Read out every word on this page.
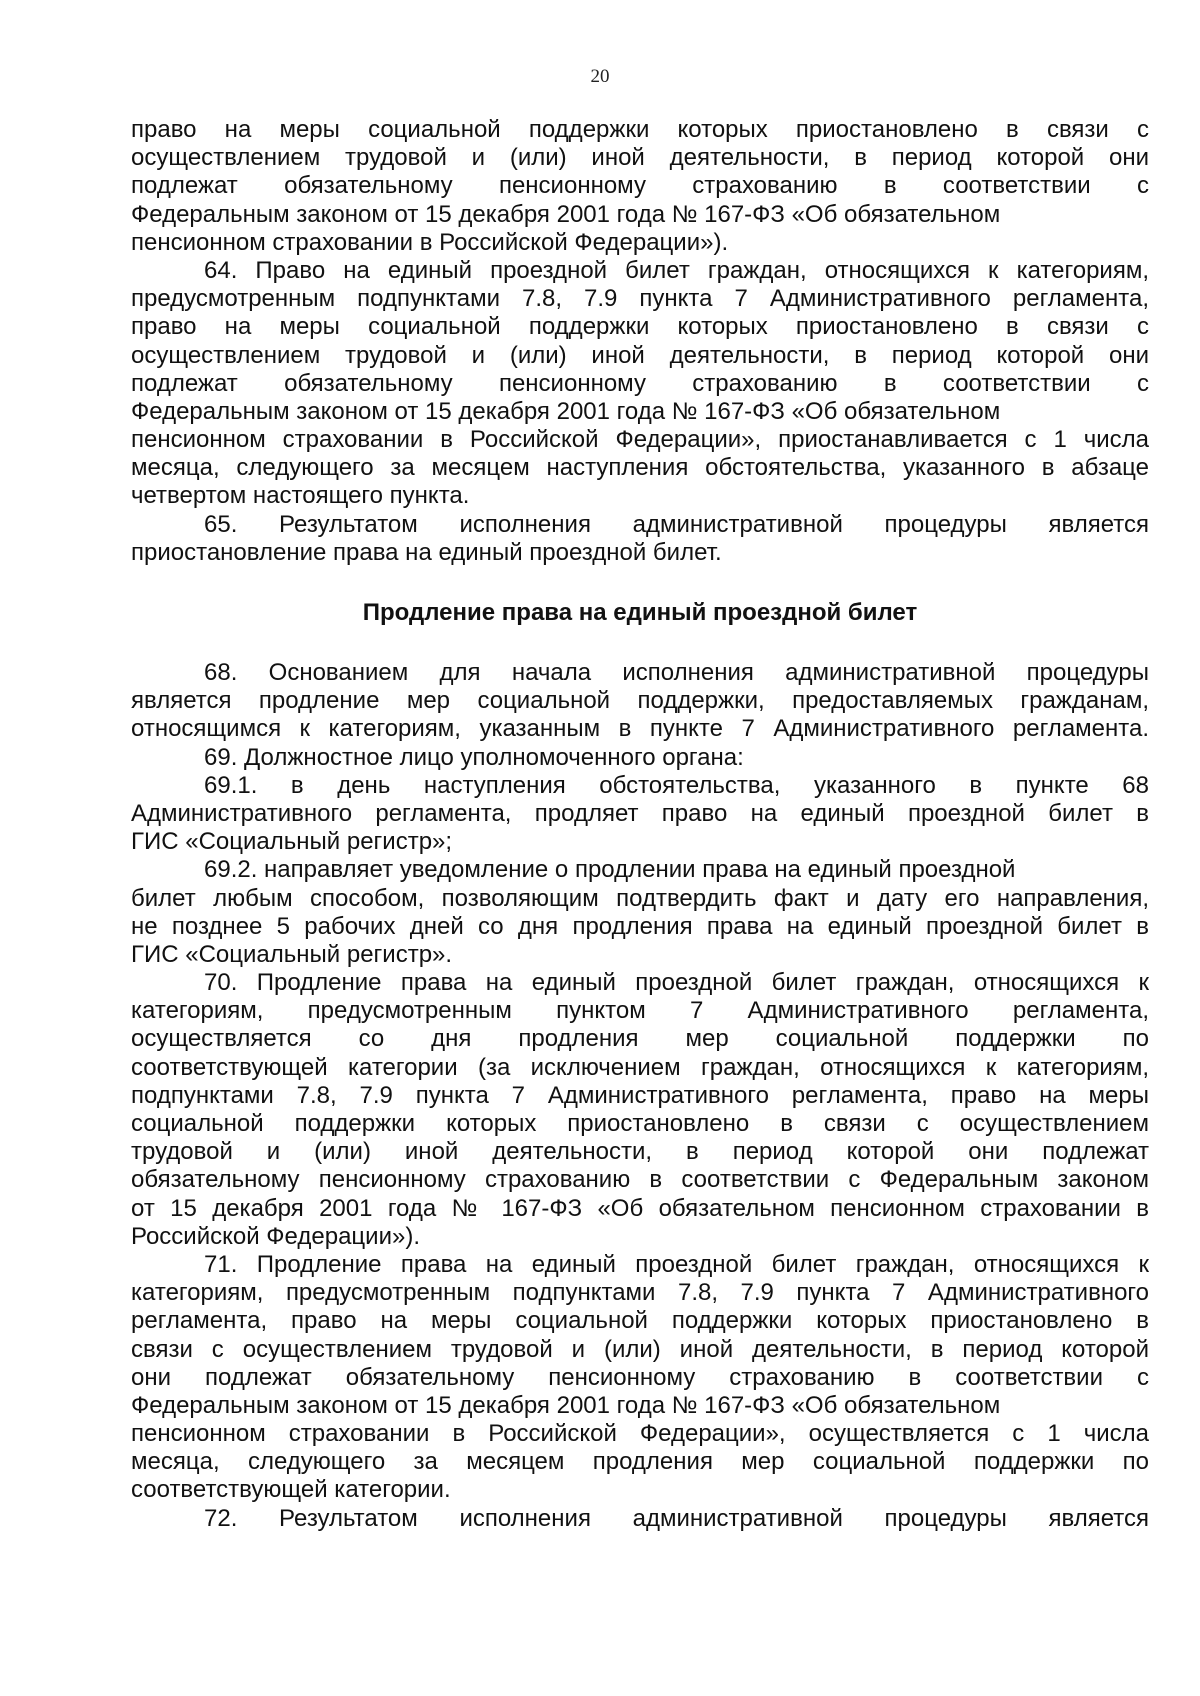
20
право на меры социальной поддержки которых приостановлено в связи с
осуществлением трудовой и (или) иной деятельности, в период которой они
подлежат обязательному пенсионному страхованию в соответствии с
Федеральным законом от 15 декабря 2001 года № 167-ФЗ «Об обязательном
пенсионном страховании в Российской Федерации»).
64. Право на единый проездной билет граждан, относящихся к категориям,
предусмотренным подпунктами 7.8, 7.9 пункта 7 Административного регламента,
право на меры социальной поддержки которых приостановлено в связи с
осуществлением трудовой и (или) иной деятельности, в период которой они
подлежат обязательному пенсионному страхованию в соответствии с
Федеральным законом от 15 декабря 2001 года № 167-ФЗ «Об обязательном
пенсионном страховании в Российской Федерации», приостанавливается с 1 числа
месяца, следующего за месяцем наступления обстоятельства, указанного в абзаце
четвертом настоящего пункта.
65. Результатом исполнения административной процедуры является
приостановление права на единый проездной билет.
Продление права на единый проездной билет
68. Основанием для начала исполнения административной процедуры
является продление мер социальной поддержки, предоставляемых гражданам,
относящимся к категориям, указанным в пункте 7 Административного регламента.
69. Должностное лицо уполномоченного органа:
69.1. в день наступления обстоятельства, указанного в пункте 68
Административного регламента, продляет право на единый проездной билет в
ГИС «Социальный регистр»;
69.2. направляет уведомление о продлении права на единый проездной
билет любым способом, позволяющим подтвердить факт и дату его направления,
не позднее 5 рабочих дней со дня продления права на единый проездной билет в
ГИС «Социальный регистр».
70. Продление права на единый проездной билет граждан, относящихся к
категориям, предусмотренным пунктом 7 Административного регламента,
осуществляется со дня продления мер социальной поддержки по
соответствующей категории (за исключением граждан, относящихся к категориям,
подпунктами 7.8, 7.9 пункта 7 Административного регламента, право на меры
социальной поддержки которых приостановлено в связи с осуществлением
трудовой и (или) иной деятельности, в период которой они подлежат
обязательному пенсионному страхованию в соответствии с Федеральным законом
от 15 декабря 2001 года № 167-ФЗ «Об обязательном пенсионном страховании в
Российской Федерации»).
71. Продление права на единый проездной билет граждан, относящихся к
категориям, предусмотренным подпунктами 7.8, 7.9 пункта 7 Административного
регламента, право на меры социальной поддержки которых приостановлено в
связи с осуществлением трудовой и (или) иной деятельности, в период которой
они подлежат обязательному пенсионному страхованию в соответствии с
Федеральным законом от 15 декабря 2001 года № 167-ФЗ «Об обязательном
пенсионном страховании в Российской Федерации», осуществляется с 1 числа
месяца, следующего за месяцем продления мер социальной поддержки по
соответствующей категории.
72. Результатом исполнения административной процедуры является
